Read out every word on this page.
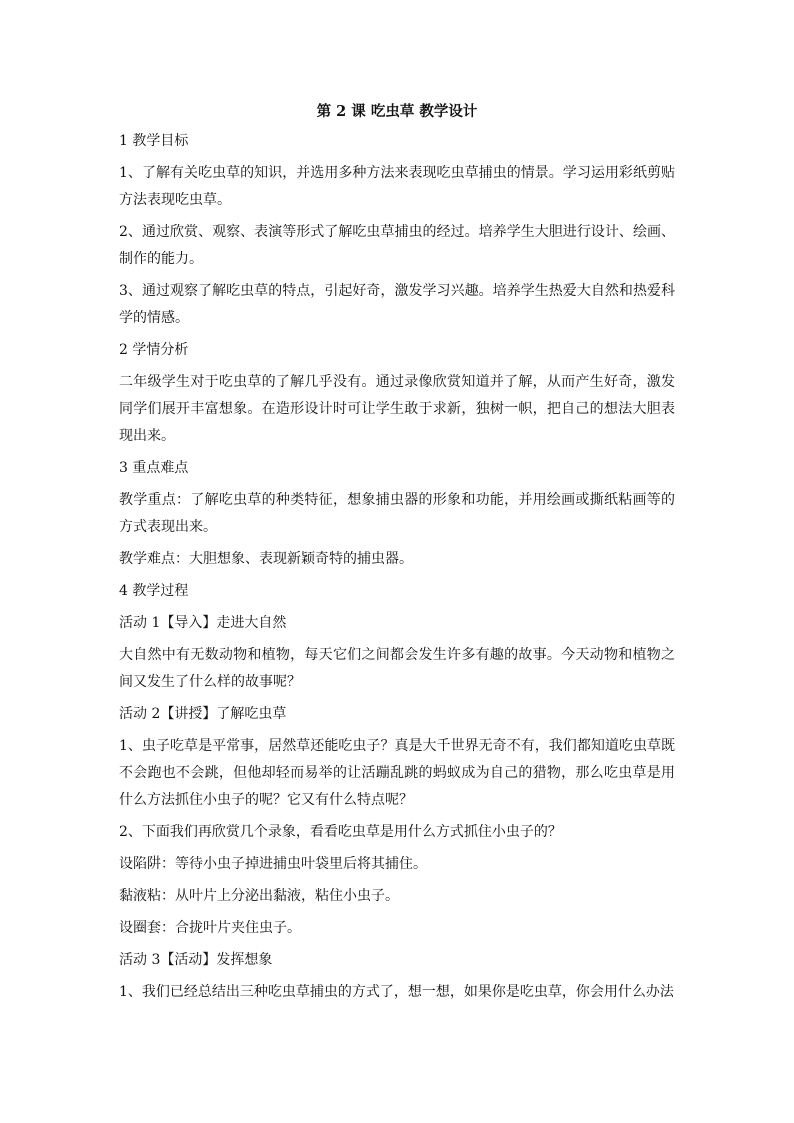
第 2 课 吃虫草 教学设计

1 教学目标

1、了解有关吃虫草的知识，并选用多种方法来表现吃虫草捕虫的情景。学习运用彩纸剪贴方法表现吃虫草。

2、通过欣赏、观察、表演等形式了解吃虫草捕虫的经过。培养学生大胆进行设计、绘画、制作的能力。

3、通过观察了解吃虫草的特点，引起好奇，激发学习兴趣。培养学生热爱大自然和热爱科学的情感。

2 学情分析

二年级学生对于吃虫草的了解几乎没有。通过录像欣赏知道并了解，从而产生好奇，激发同学们展开丰富想象。在造形设计时可让学生敢于求新，独树一帜，把自己的想法大胆表现出来。

3 重点难点

教学重点：了解吃虫草的种类特征，想象捕虫器的形象和功能，并用绘画或撕纸粘画等的方式表现出来。

教学难点：大胆想象、表现新颖奇特的捕虫器。

4 教学过程

活动 1【导入】走进大自然

大自然中有无数动物和植物，每天它们之间都会发生许多有趣的故事。今天动物和植物之间又发生了什么样的故事呢？

活动 2【讲授】了解吃虫草

1、虫子吃草是平常事，居然草还能吃虫子？真是大千世界无奇不有，我们都知道吃虫草既不会跑也不会跳，但他却轻而易举的让活蹦乱跳的蚂蚁成为自己的猎物，那么吃虫草是用什么方法抓住小虫子的呢？它又有什么特点呢？

2、下面我们再欣赏几个录象，看看吃虫草是用什么方式抓住小虫子的？

设陷阱：等待小虫子掉进捕虫叶袋里后将其捕住。

黏液粘：从叶片上分泌出黏液，粘住小虫子。

设圈套：合拢叶片夹住虫子。

活动 3【活动】发挥想象

1、我们已经总结出三种吃虫草捕虫的方式了，想一想，如果你是吃虫草，你会用什么办法
